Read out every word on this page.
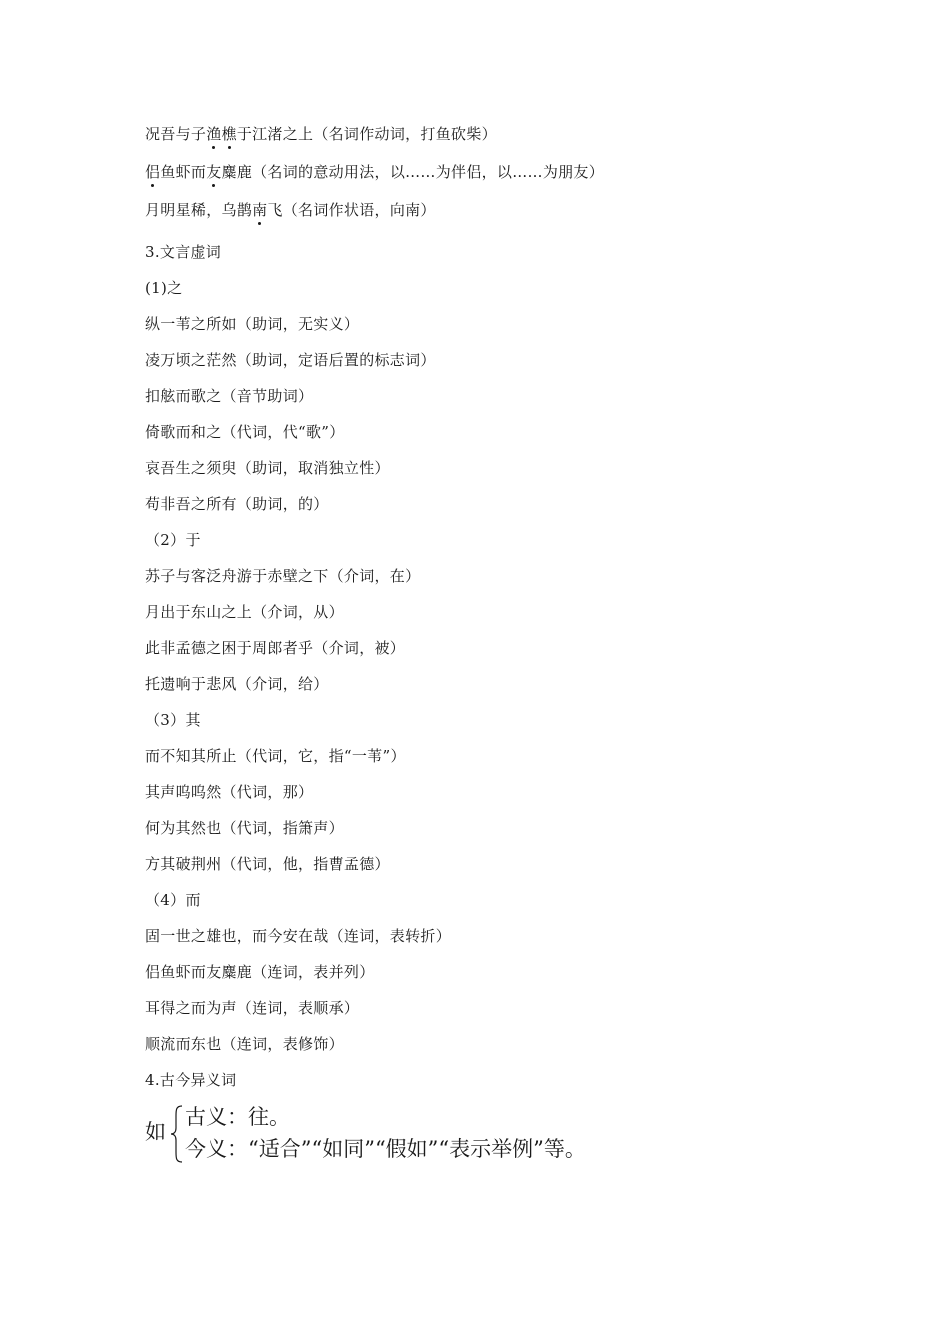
况吾与子渔樵于江渚之上（名词作动词，打鱼砍柴）
侣鱼虾而友麋鹿（名词的意动用法，以……为伴侣，以……为朋友）
月明星稀，乌鹊南飞（名词作状语，向南）
3.文言虚词
(1)之
纵一苇之所如（助词，无实义）
凌万顷之茫然（助词，定语后置的标志词）
扣舷而歌之（音节助词）
倚歌而和之（代词，代“歌”）
哀吾生之须臾（助词，取消独立性）
苟非吾之所有（助词，的）
（2）于
苏子与客泛舟游于赤壁之下（介词，在）
月出于东山之上（介词，从）
此非孟德之困于周郎者乎（介词，被）
托遗响于悲风（介词，给）
（3）其
而不知其所止（代词，它，指“一苇”）
其声呜呜然（代词，那）
何为其然也（代词，指箫声）
方其破荆州（代词，他，指曹孟德）
（4）而
固一世之雄也，而今安在哉（连词，表转折）
侣鱼虾而友麋鹿（连词，表并列）
耳得之而为声（连词，表顺承）
顺流而东也（连词，表修饰）
4.古今异义词
如
古义：往。
今义：“适合”“如同”“假如”“表示举例”等。
